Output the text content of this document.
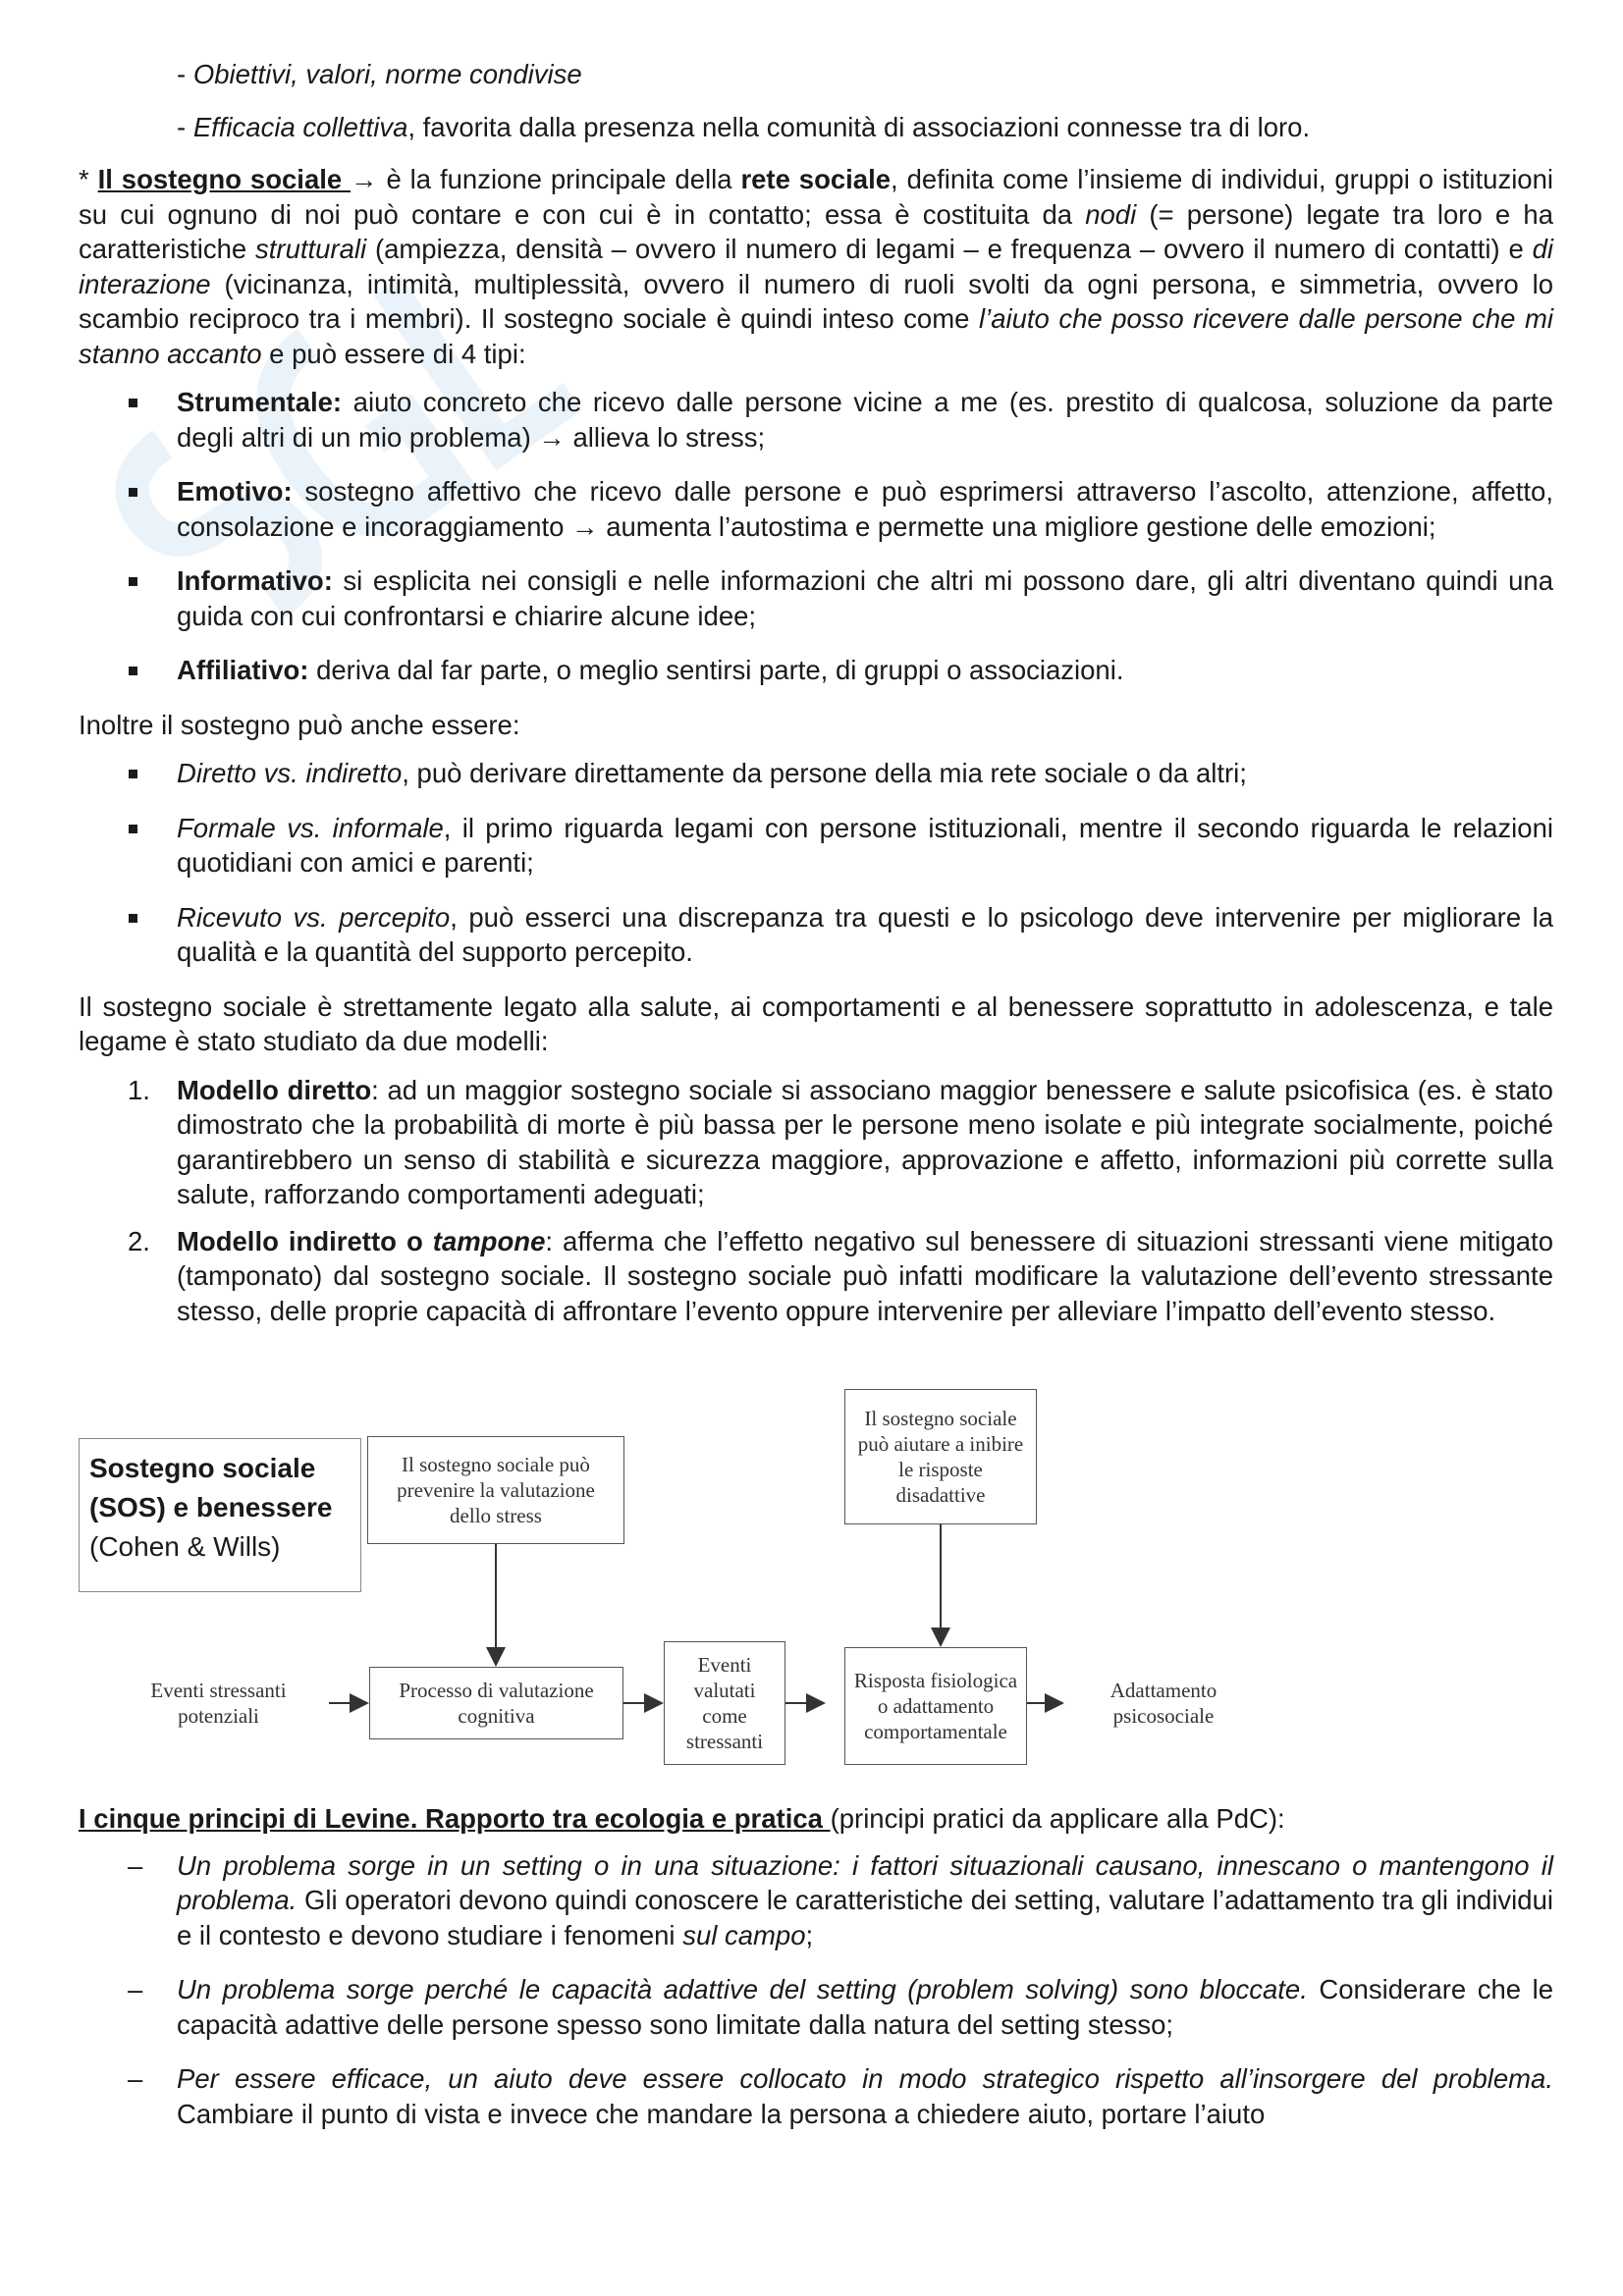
- Obiettivi, valori, norme condivise

- Efficacia collettiva, favorita dalla presenza nella comunità di associazioni connesse tra di loro.

* Il sostegno sociale → è la funzione principale della rete sociale, definita come l’insieme di individui, gruppi o istituzioni su cui ognuno di noi può contare e con cui è in contatto; essa è costituita da nodi (= persone) legate tra loro e ha caratteristiche strutturali (ampiezza, densità – ovvero il numero di legami – e frequenza – ovvero il numero di contatti) e di interazione (vicinanza, intimità, multiplessità, ovvero il numero di ruoli svolti da ogni persona, e simmetria, ovvero lo scambio reciproco tra i membri). Il sostegno sociale è quindi inteso come l’aiuto che posso ricevere dalle persone che mi stanno accanto e può essere di 4 tipi:

Strumentale: aiuto concreto che ricevo dalle persone vicine a me (es. prestito di qualcosa, soluzione da parte degli altri di un mio problema) → allieva lo stress;
Emotivo: sostegno affettivo che ricevo dalle persone e può esprimersi attraverso l’ascolto, attenzione, affetto, consolazione e incoraggiamento → aumenta l’autostima e permette una migliore gestione delle emozioni;
Informativo: si esplicita nei consigli e nelle informazioni che altri mi possono dare, gli altri diventano quindi una guida con cui confrontarsi e chiarire alcune idee;
Affiliativo: deriva dal far parte, o meglio sentirsi parte, di gruppi o associazioni.

Inoltre il sostegno può anche essere:

Diretto vs. indiretto, può derivare direttamente da persone della mia rete sociale o da altri;
Formale vs. informale, il primo riguarda legami con persone istituzionali, mentre il secondo riguarda le relazioni quotidiani con amici e parenti;
Ricevuto vs. percepito, può esserci una discrepanza tra questi e lo psicologo deve intervenire per migliorare la qualità e la quantità del supporto percepito.

Il sostegno sociale è strettamente legato alla salute, ai comportamenti e al benessere soprattutto in adolescenza, e tale legame è stato studiato da due modelli:

1. Modello diretto: ad un maggior sostegno sociale si associano maggior benessere e salute psicofisica (es. è stato dimostrato che la probabilità di morte è più bassa per le persone meno isolate e più integrate socialmente, poiché garantirebbero un senso di stabilità e sicurezza maggiore, approvazione e affetto, informazioni più corrette sulla salute, rafforzando comportamenti adeguati;
2. Modello indiretto o tampone: afferma che l’effetto negativo sul benessere di situazioni stressanti viene mitigato (tamponato) dal sostegno sociale. Il sostegno sociale può infatti modificare la valutazione dell’evento stressante stesso, delle proprie capacità di affrontare l’evento oppure intervenire per alleviare l’impatto dell’evento stesso.
Sostegno sociale (SOS) e benessere (Cohen & Wills)
Il sostegno sociale può prevenire la valutazione dello stress
Il sostegno sociale può aiutare a inibire le risposte disadattive
Eventi stressanti potenziali
Processo di valutazione cognitiva
Eventi valutati come stressanti
Risposta fisiologica o adattamento comportamentale
Adattamento psicosociale

I cinque principi di Levine. Rapporto tra ecologia e pratica (principi pratici da applicare alla PdC):

– Un problema sorge in un setting o in una situazione: i fattori situazionali causano, innescano o mantengono il problema. Gli operatori devono quindi conoscere le caratteristiche dei setting, valutare l’adattamento tra gli individui e il contesto e devono studiare i fenomeni sul campo;
– Un problema sorge perché le capacità adattive del setting (problem solving) sono bloccate. Considerare che le capacità adattive delle persone spesso sono limitate dalla natura del setting stesso;
– Per essere efficace, un aiuto deve essere collocato in modo strategico rispetto all’insorgere del problema. Cambiare il punto di vista e invece che mandare la persona a chiedere aiuto, portare l’aiuto
